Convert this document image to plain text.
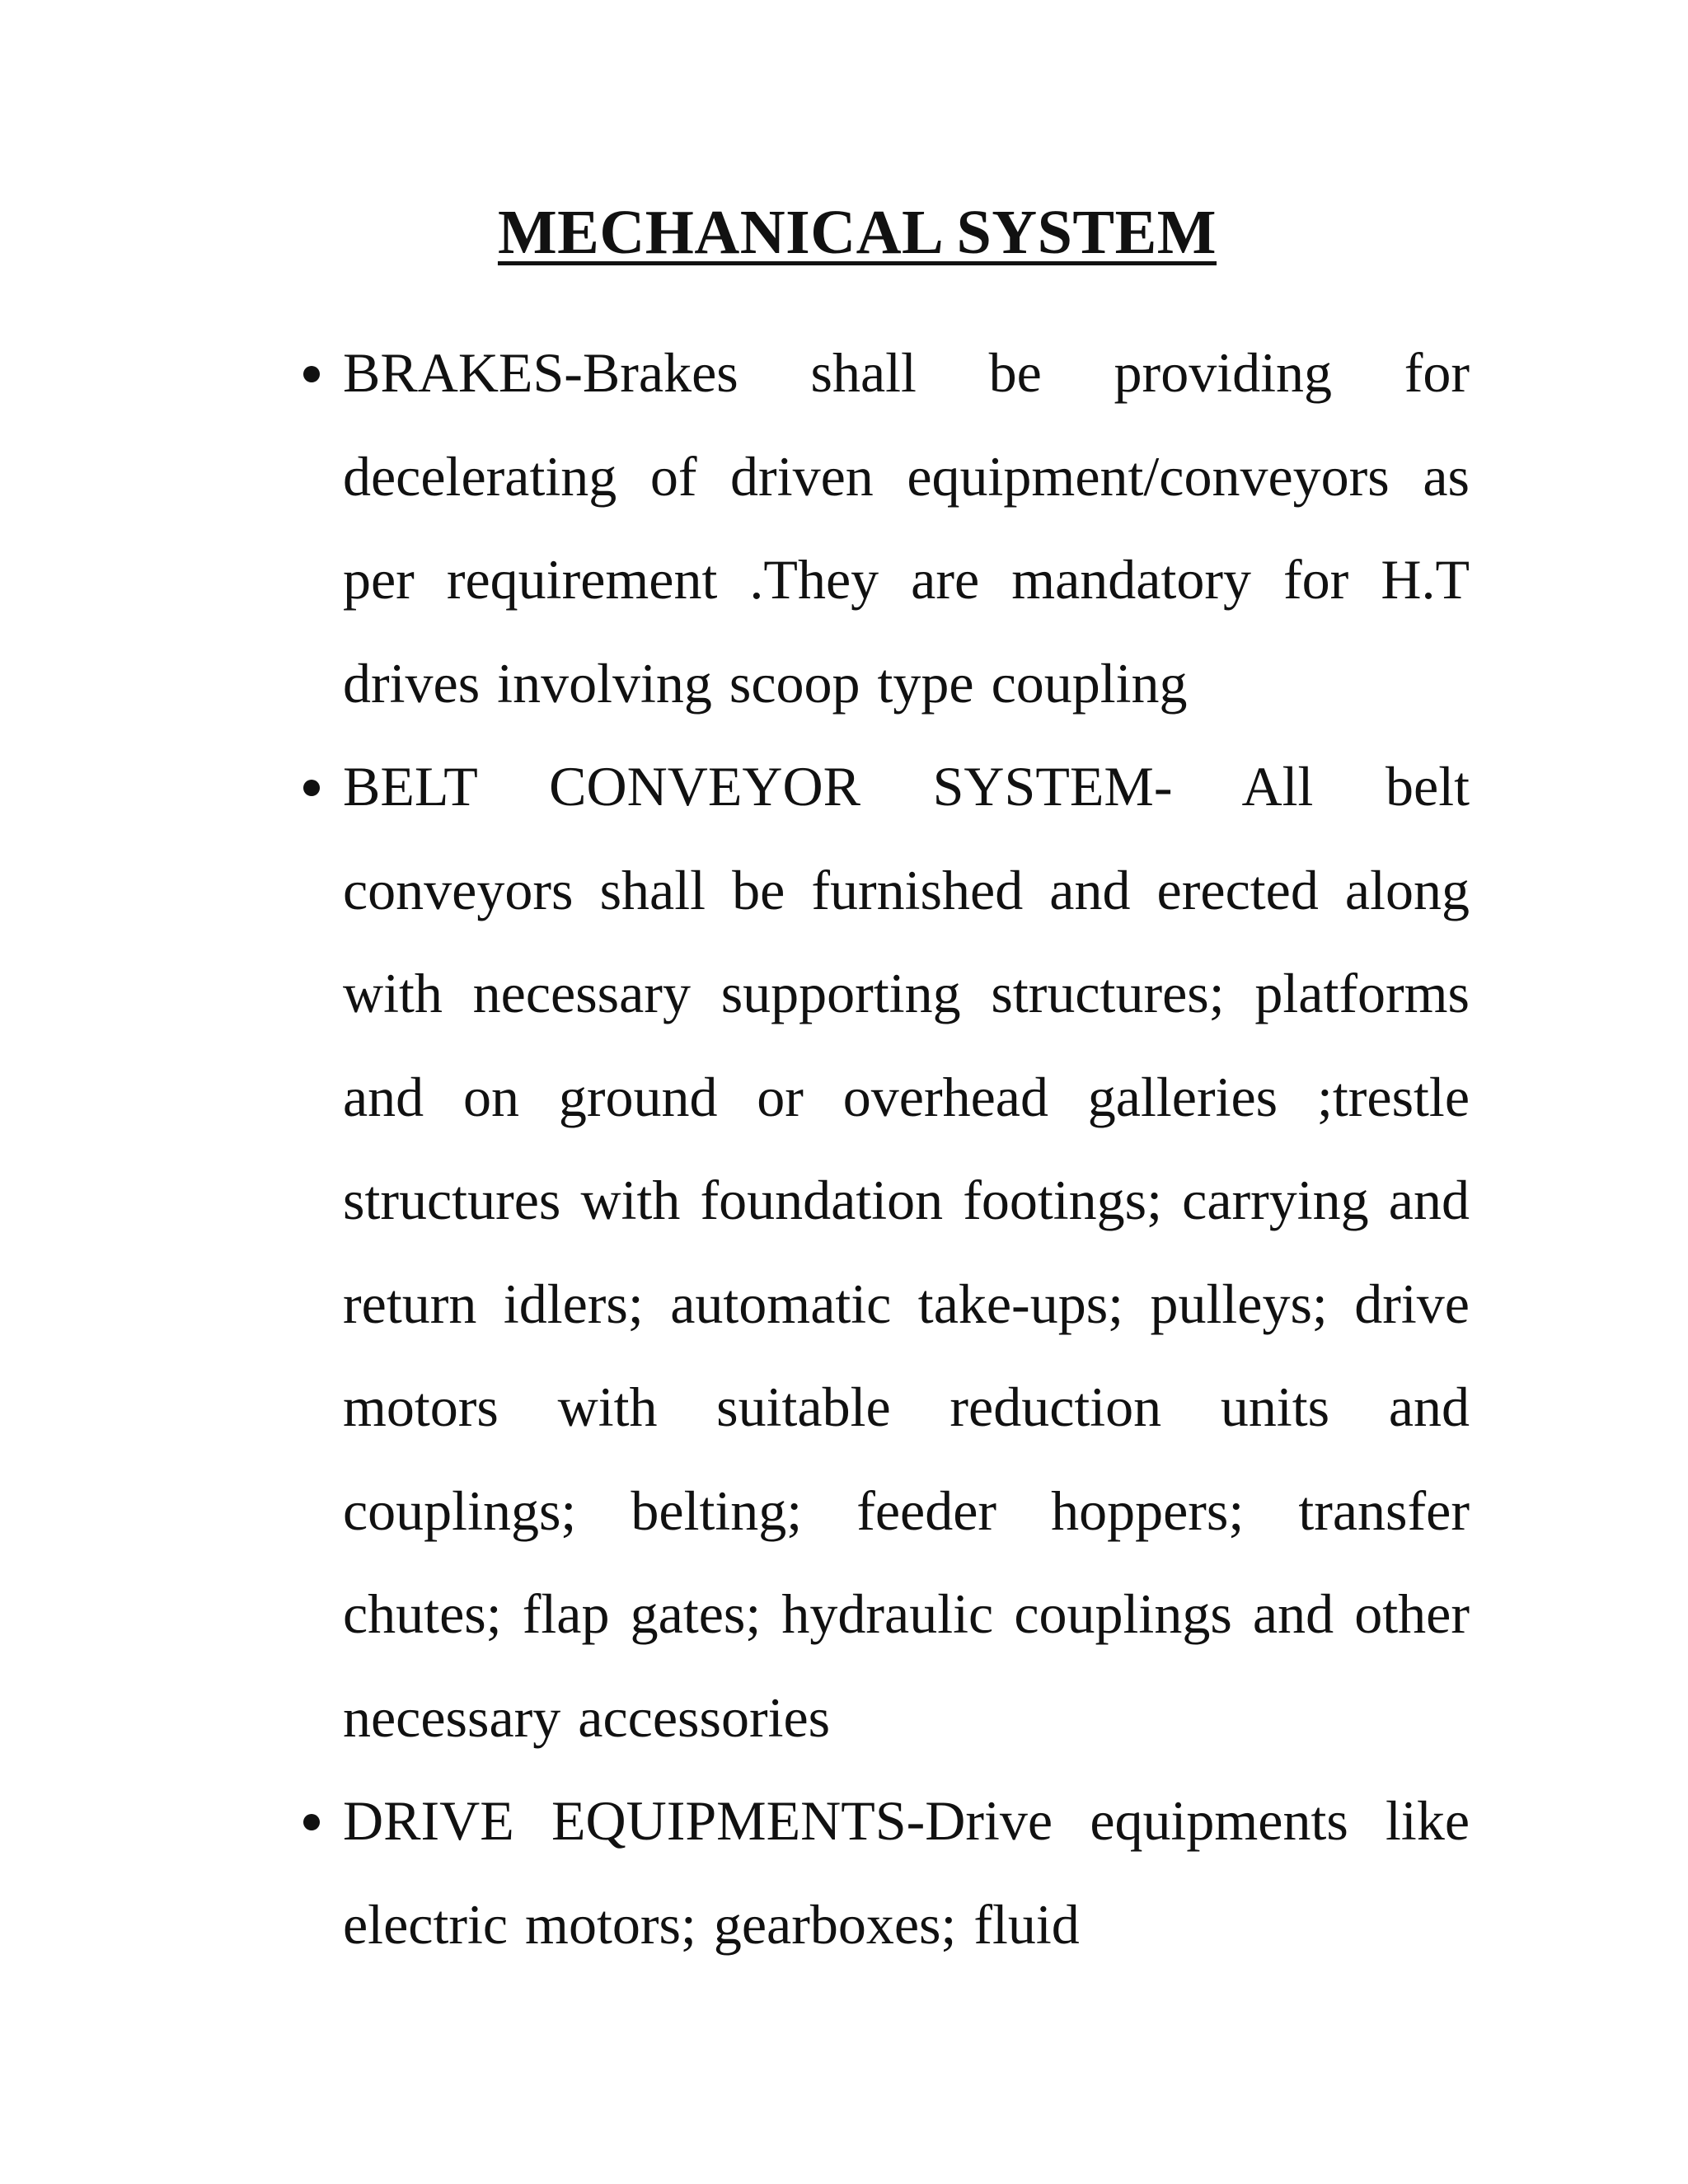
MECHANICAL SYSTEM
BRAKES-Brakes shall be providing for decelerating of driven equipment/conveyors as per requirement .They are mandatory for H.T drives involving scoop type coupling
BELT CONVEYOR SYSTEM- All belt conveyors shall be furnished and erected along with necessary supporting structures; platforms and on ground or overhead galleries ;trestle structures with foundation footings; carrying and return idlers; automatic take-ups; pulleys; drive motors with suitable reduction units and couplings; belting; feeder hoppers; transfer chutes; flap gates; hydraulic couplings and other necessary accessories
DRIVE EQUIPMENTS-Drive equipments like electric motors; gearboxes; fluid
